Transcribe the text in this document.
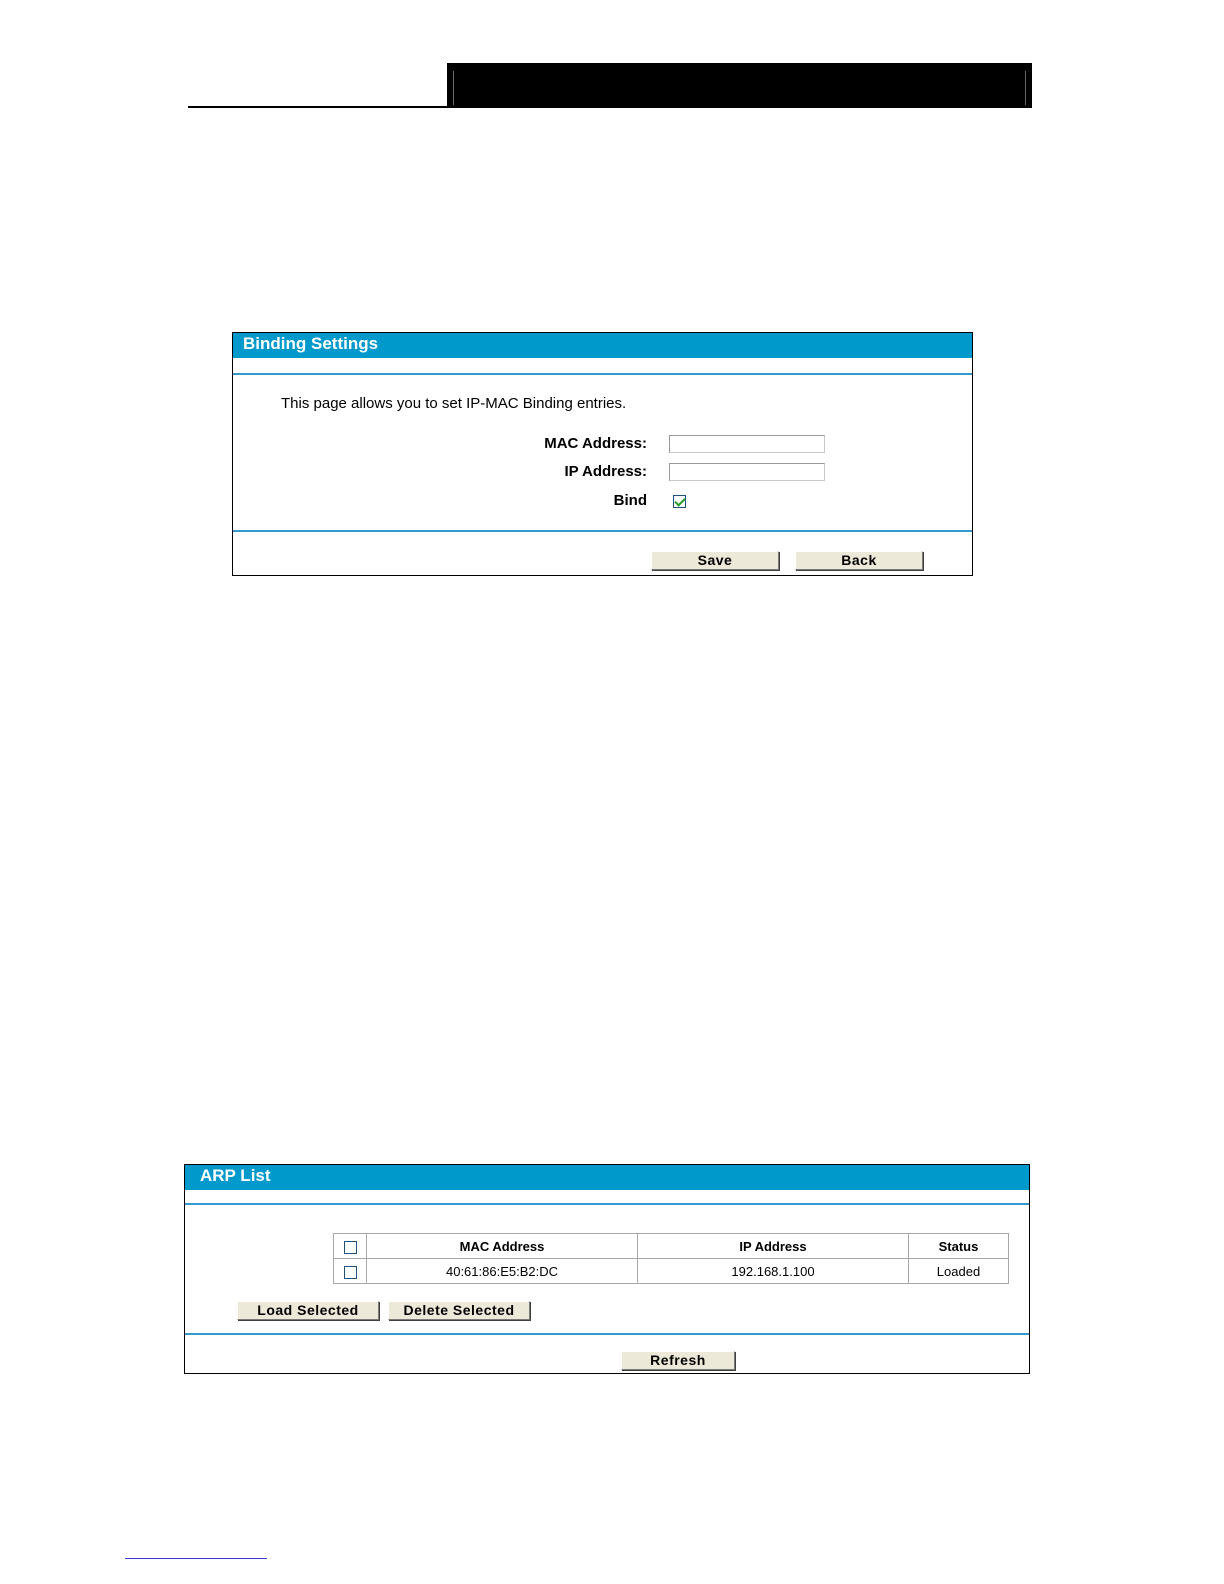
Binding Settings
This page allows you to set IP-MAC Binding entries.
MAC Address:
IP Address:
Bind
Save	Back
ARP List
	MAC Address	IP Address	Status
	40:61:86:E5:B2:DC	192.168.1.100	Loaded
Load Selected	Delete Selected
Refresh
